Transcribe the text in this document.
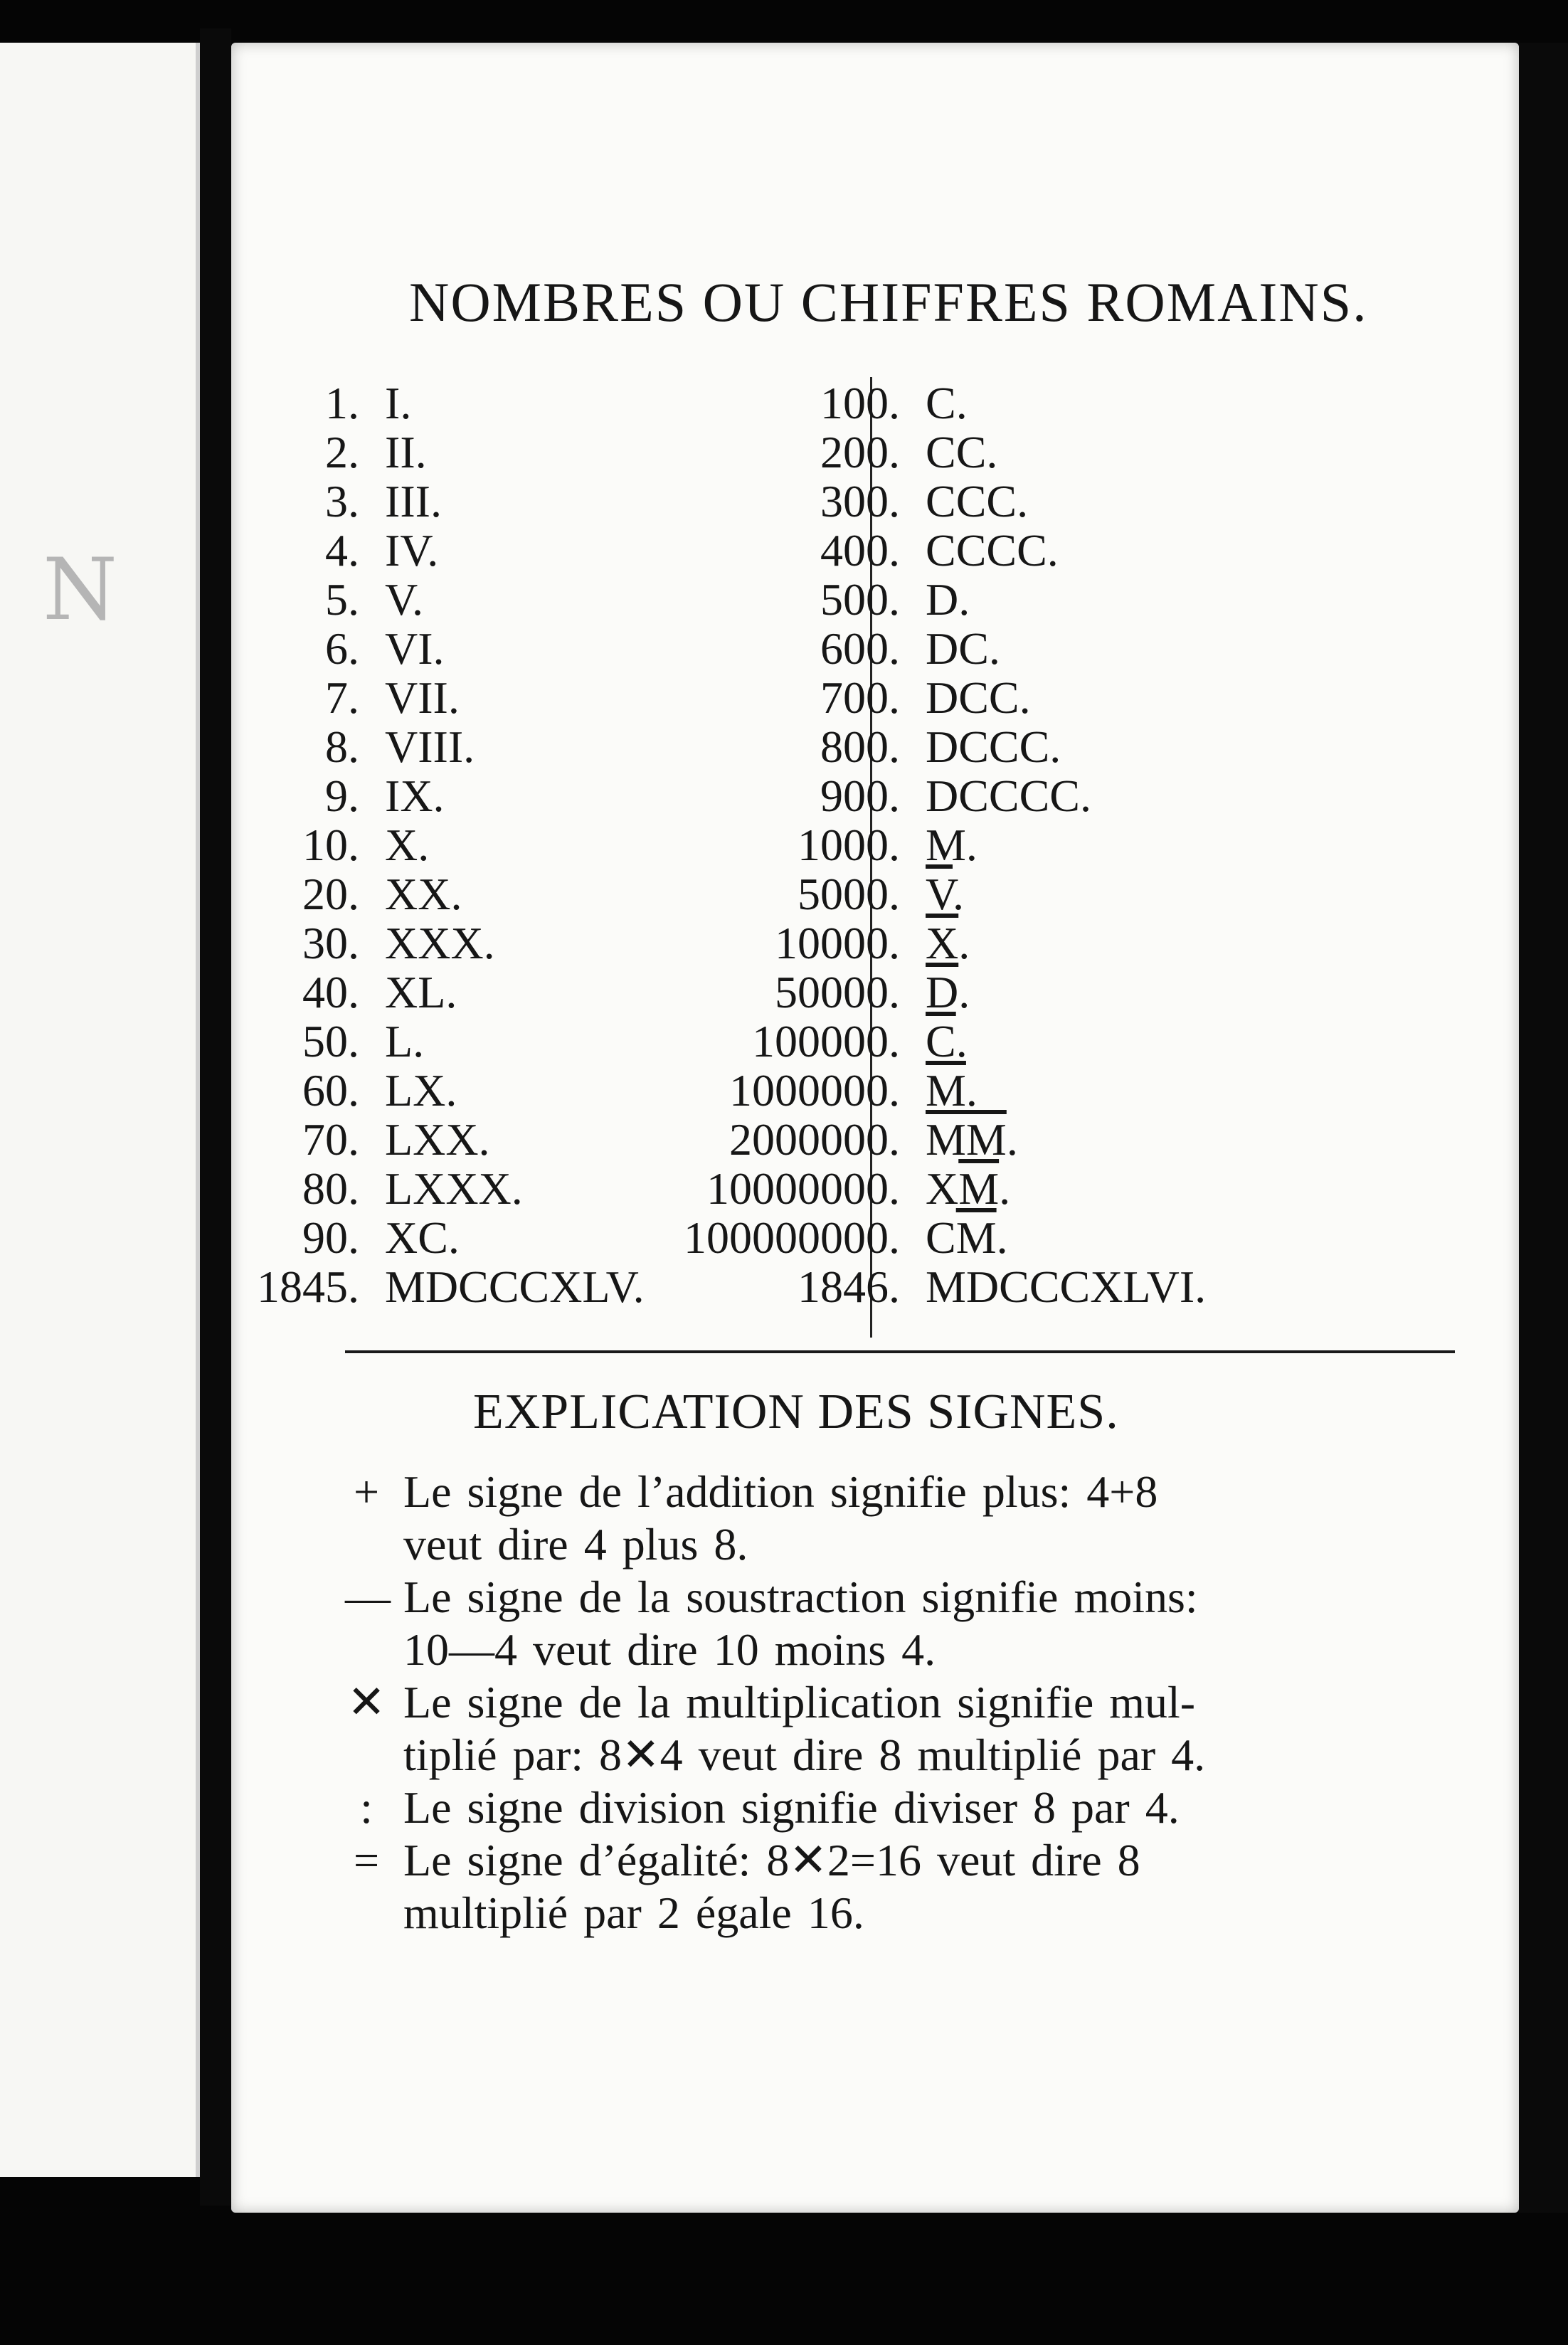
N
NOMBRES OU CHIFFRES ROMAINS.
EXPLICATION DES SIGNES.
1. I.
2. II.
3. III.
4. IV.
5. V.
6. VI.
7. VII.
8. VIII.
9. IX.
10. X.
20. XX.
30. XXX.
40. XL.
50. L.
60. LX.
70. LXX.
80. LXXX.
90. XC.
1845. MDCCCXLV.
100. C.
200. CC.
300. CCC.
400. CCCC.
500. D.
600. DC.
700. DCC.
800. DCCC.
900. DCCCC.
1000. M.
5000. $\overline{V}$.
10000. $\overline{X}$.
50000. $\overline{D}$.
100000. $\overline{C}$.
1000000. $\overline{M}$.
2000000. $\overline{MM}$.
10000000. $X\overline{M}$.
100000000. $C\overline{M}$.
1846. MDCCCXLVI.
+ Le signe de l’addition signifie plus: 4+8
veut dire 4 plus 8.
— Le signe de la soustraction signifie moins:
10—4 veut dire 10 moins 4.
✕ Le signe de la multiplication signifie mul-
tiplié par: 8✕4 veut dire 8 multiplié par 4.
: Le signe division signifie diviser 8 par 4.
= Le signe d’égalité: 8✕2=16 veut dire 8
multiplié par 2 égale 16.
